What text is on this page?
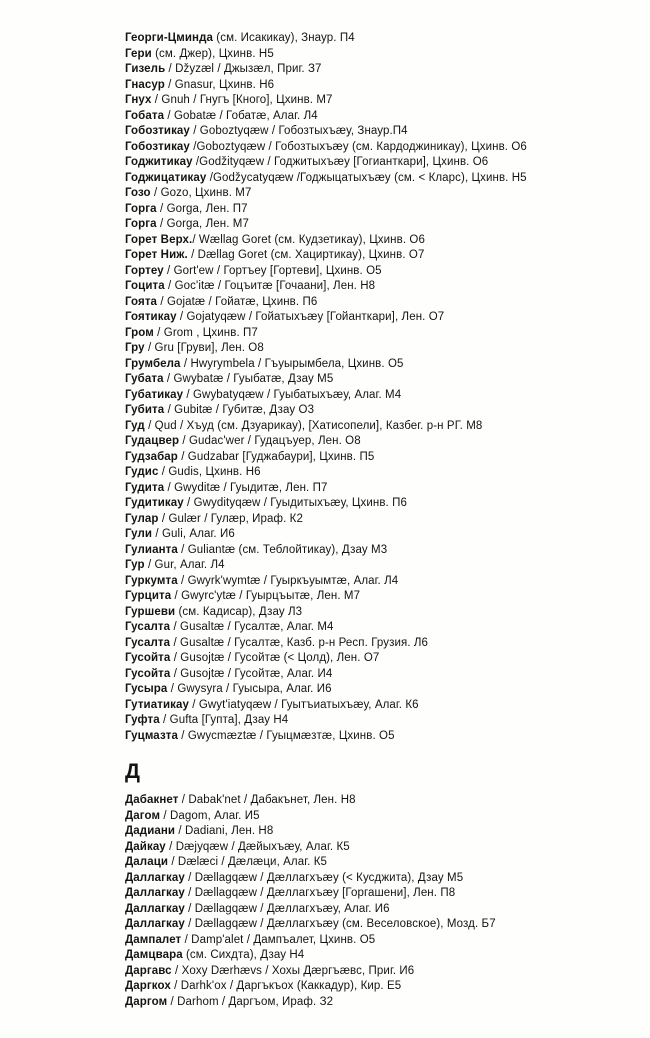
Георги-Цминда (см. Исакикау), Знаур. П4
Гери (см. Джер), Цхинв. Н5
Гизель / Džyzæl / Джызæл, Приг. З7
Гнасур / Gnasur, Цхинв. Н6
Гнух / Gnuh / Гнугъ [Кного], Цхинв. М7
Гобата / Gobatæ / Гобатæ, Алаг. Л4
Гобозтикау / Goboztyqæw / Гобозтыхъæу, Знаур.П4
Гобозтикау /Goboztyqæw / Гобозтыхъæу (см. Кардоджиникау), Цхинв. О6
Годжитикау /Godžityqæw / Годжитыхъæу [Гогианткари], Цхинв. О6
Годжицатикау /Godžycatyqæw /Годжыцатыхъæу (см. < Кларс), Цхинв. Н5
Гозо / Gozo, Цхинв. М7
Горга / Gorga, Лен. П7
Горга / Gorga, Лен. М7
Горет Верх./ Wællag Goret (см. Кудзетикау), Цхинв. О6
Горет Ниж. / Dællag Goret (см. Хациртикау), Цхинв. О7
Гортеу / Gort'ew / Гортъеу [Гортеви], Цхинв. О5
Гоцита / Goc'itæ / Гоцъитæ [Гочаани], Лен. Н8
Гоята / Gojatæ / Гойатæ, Цхинв. П6
Гоятикау / Gojatyqæw / Гойатыхъæу [Гойанткари], Лен. О7
Гром / Grom , Цхинв. П7
Гру / Gru [Груви], Лен. О8
Грумбела / Hwyrymbela / Гъуырымбела, Цхинв. О5
Губата / Gwybatæ / Гуыбатæ, Дзау М5
Губатикау / Gwybatyqæw / Гуыбатыхъæу, Алаг. М4
Губита / Gubitæ / Губитæ, Дзау О3
Гуд / Qud / Хъуд (см. Дзуарикау), [Хатисопели], Казбег. р-н РГ. М8
Гудацвер / Gudac'wer / Гудацъуер, Лен. О8
Гудзабар / Gudzabar [Гуджабаури], Цхинв. П5
Гудис / Gudis, Цхинв. Н6
Гудита / Gwyditæ / Гуыдитæ, Лен. П7
Гудитикау / Gwydityqæw / Гуыдитыхъæу, Цхинв. П6
Гулар / Gulær / Гулæр, Ираф. К2
Гули / Guli, Алаг. И6
Гулианта / Guliantæ (см. Теблойтикау), Дзау М3
Гур / Gur, Алаг. Л4
Гуркумта / Gwyrk'wymtæ / Гуыркъуымтæ, Алаг. Л4
Гурцита / Gwyrc'ytæ / Гуырцъытæ, Лен. М7
Гуршеви (см. Кадисар), Дзау Л3
Гусалта / Gusaltæ / Гусалтæ, Алаг. М4
Гусалта / Gusaltæ / Гусалтæ, Казб. р-н Респ. Грузия. Л6
Гусойта / Gusojtæ / Гусойтæ (< Цолд), Лен. О7
Гусойта / Gusojtæ / Гусойтæ, Алаг. И4
Гусыра / Gwysyra / Гуысыра, Алаг. И6
Гутиатикау / Gwyt'iatyqæw / Гуытъиатыхъæу, Алаг. К6
Гуфта / Gufta [Гупта], Дзау Н4
Гуцмазта / Gwycmæztæ / Гуыцмæзтæ, Цхинв. О5
Д
Дабакнет / Dabak'net / Дабакънет, Лен. Н8
Дагом / Dagom, Алаг. И5
Дадиани / Dadiani, Лен. Н8
Дайкау / Dæjyqæw / Дæйыхъæу, Алаг. К5
Далаци / Dælæci / Дæлæци, Алаг. К5
Даллагкау / Dællagqæw / Дæллагхъæу (< Кусджита), Дзау М5
Даллагкау / Dællagqæw / Дæллагхъæу [Горгашени], Лен. П8
Даллагкау / Dællagqæw / Дæллагхъæу, Алаг. И6
Даллагкау / Dællagqæw / Дæллагхъæу (см. Веселовское), Мозд. Б7
Дампалет / Damp'alet / Дампъалет, Цхинв. О5
Дамцвара (см. Сихдта), Дзау Н4
Даргавс / Xoxy Dærhævs / Хохы Дæргъæвс, Приг. И6
Даргкох / Darhk'ox / Даргъкъох (Каккадур), Кир. Е5
Даргом / Darhom / Даргъом, Ираф. З2
